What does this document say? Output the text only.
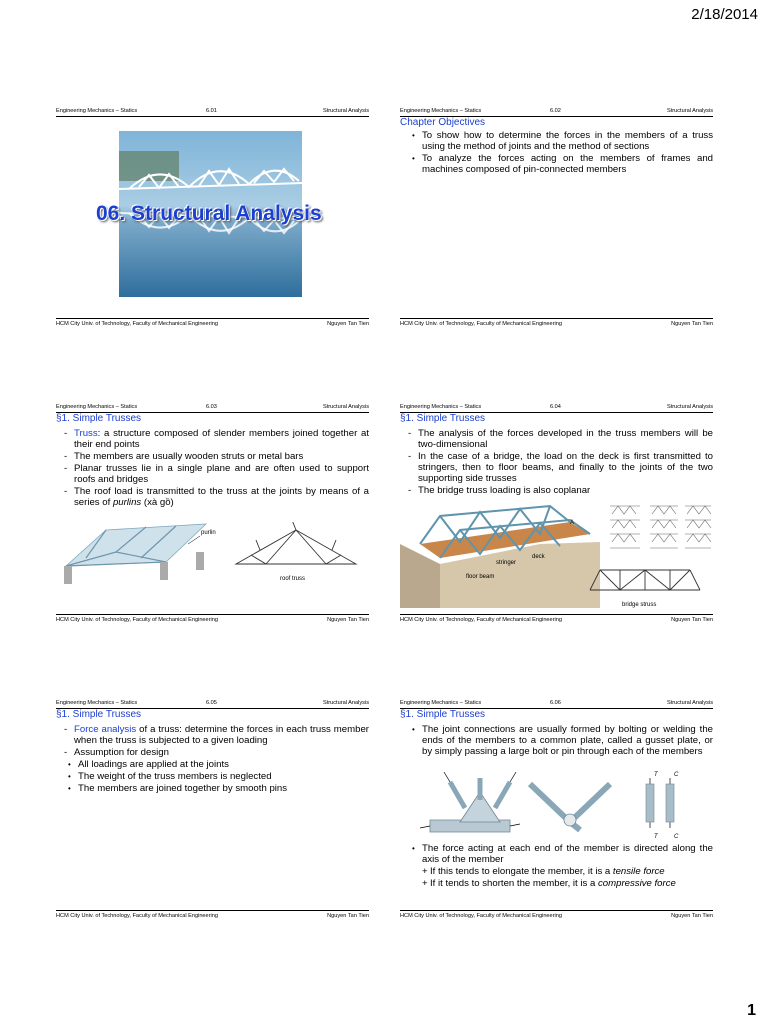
2/18/2014
Engineering Mechanics – Statics	6.01	Structural Analysis
06. Structural Analysis
HCM City Univ. of Technology, Faculty of Mechanical Engineering	Nguyen Tan Tien
Engineering Mechanics – Statics	6.02	Structural Analysis
Chapter Objectives
• To show how to determine the forces in the members of a truss using the method of joints and the method of sections
• To analyze the forces acting on the members of frames and machines composed of pin-connected members
HCM City Univ. of Technology, Faculty of Mechanical Engineering	Nguyen Tan Tien
Engineering Mechanics – Statics	6.03	Structural Analysis
§1. Simple Trusses
- Truss: a structure composed of slender members joined together at their end points
- The members are usually wooden struts or metal bars
- Planar trusses lie in a single plane and are often used to support roofs and bridges
- The roof load is transmitted to the truss at the joints by means of a series of purlins (xà gồ)
purlin
roof truss
HCM City Univ. of Technology, Faculty of Mechanical Engineering	Nguyen Tan Tien
Engineering Mechanics – Statics	6.04	Structural Analysis
§1. Simple Trusses
- The analysis of the forces developed in the truss members will be two-dimensional
- In the case of a bridge, the load on the deck is first transmitted to stringers, then to floor beams, and finally to the joints of the two supporting side trusses
- The bridge truss loading is also coplanar
A
deck
stringer
floor beam
bridge struss
HCM City Univ. of Technology, Faculty of Mechanical Engineering	Nguyen Tan Tien
Engineering Mechanics – Statics	6.05	Structural Analysis
§1. Simple Trusses
- Force analysis of a truss: determine the forces in each truss member when the truss is subjected to a given loading
- Assumption for design
• All loadings are applied at the joints
• The weight of the truss members is neglected
• The members are joined together by smooth pins
HCM City Univ. of Technology, Faculty of Mechanical Engineering	Nguyen Tan Tien
Engineering Mechanics – Statics	6.06	Structural Analysis
§1. Simple Trusses
• The joint connections are usually formed by bolting or welding the ends of the members to a common plate, called a gusset plate, or by simply passing a large bolt or pin through each of the members
T	C
T	C
• The force acting at each end of the member is directed along the axis of the member
+ If this tends to elongate the member, it is a tensile force
+ If it tends to shorten the member, it is a compressive force
HCM City Univ. of Technology, Faculty of Mechanical Engineering	Nguyen Tan Tien
1
